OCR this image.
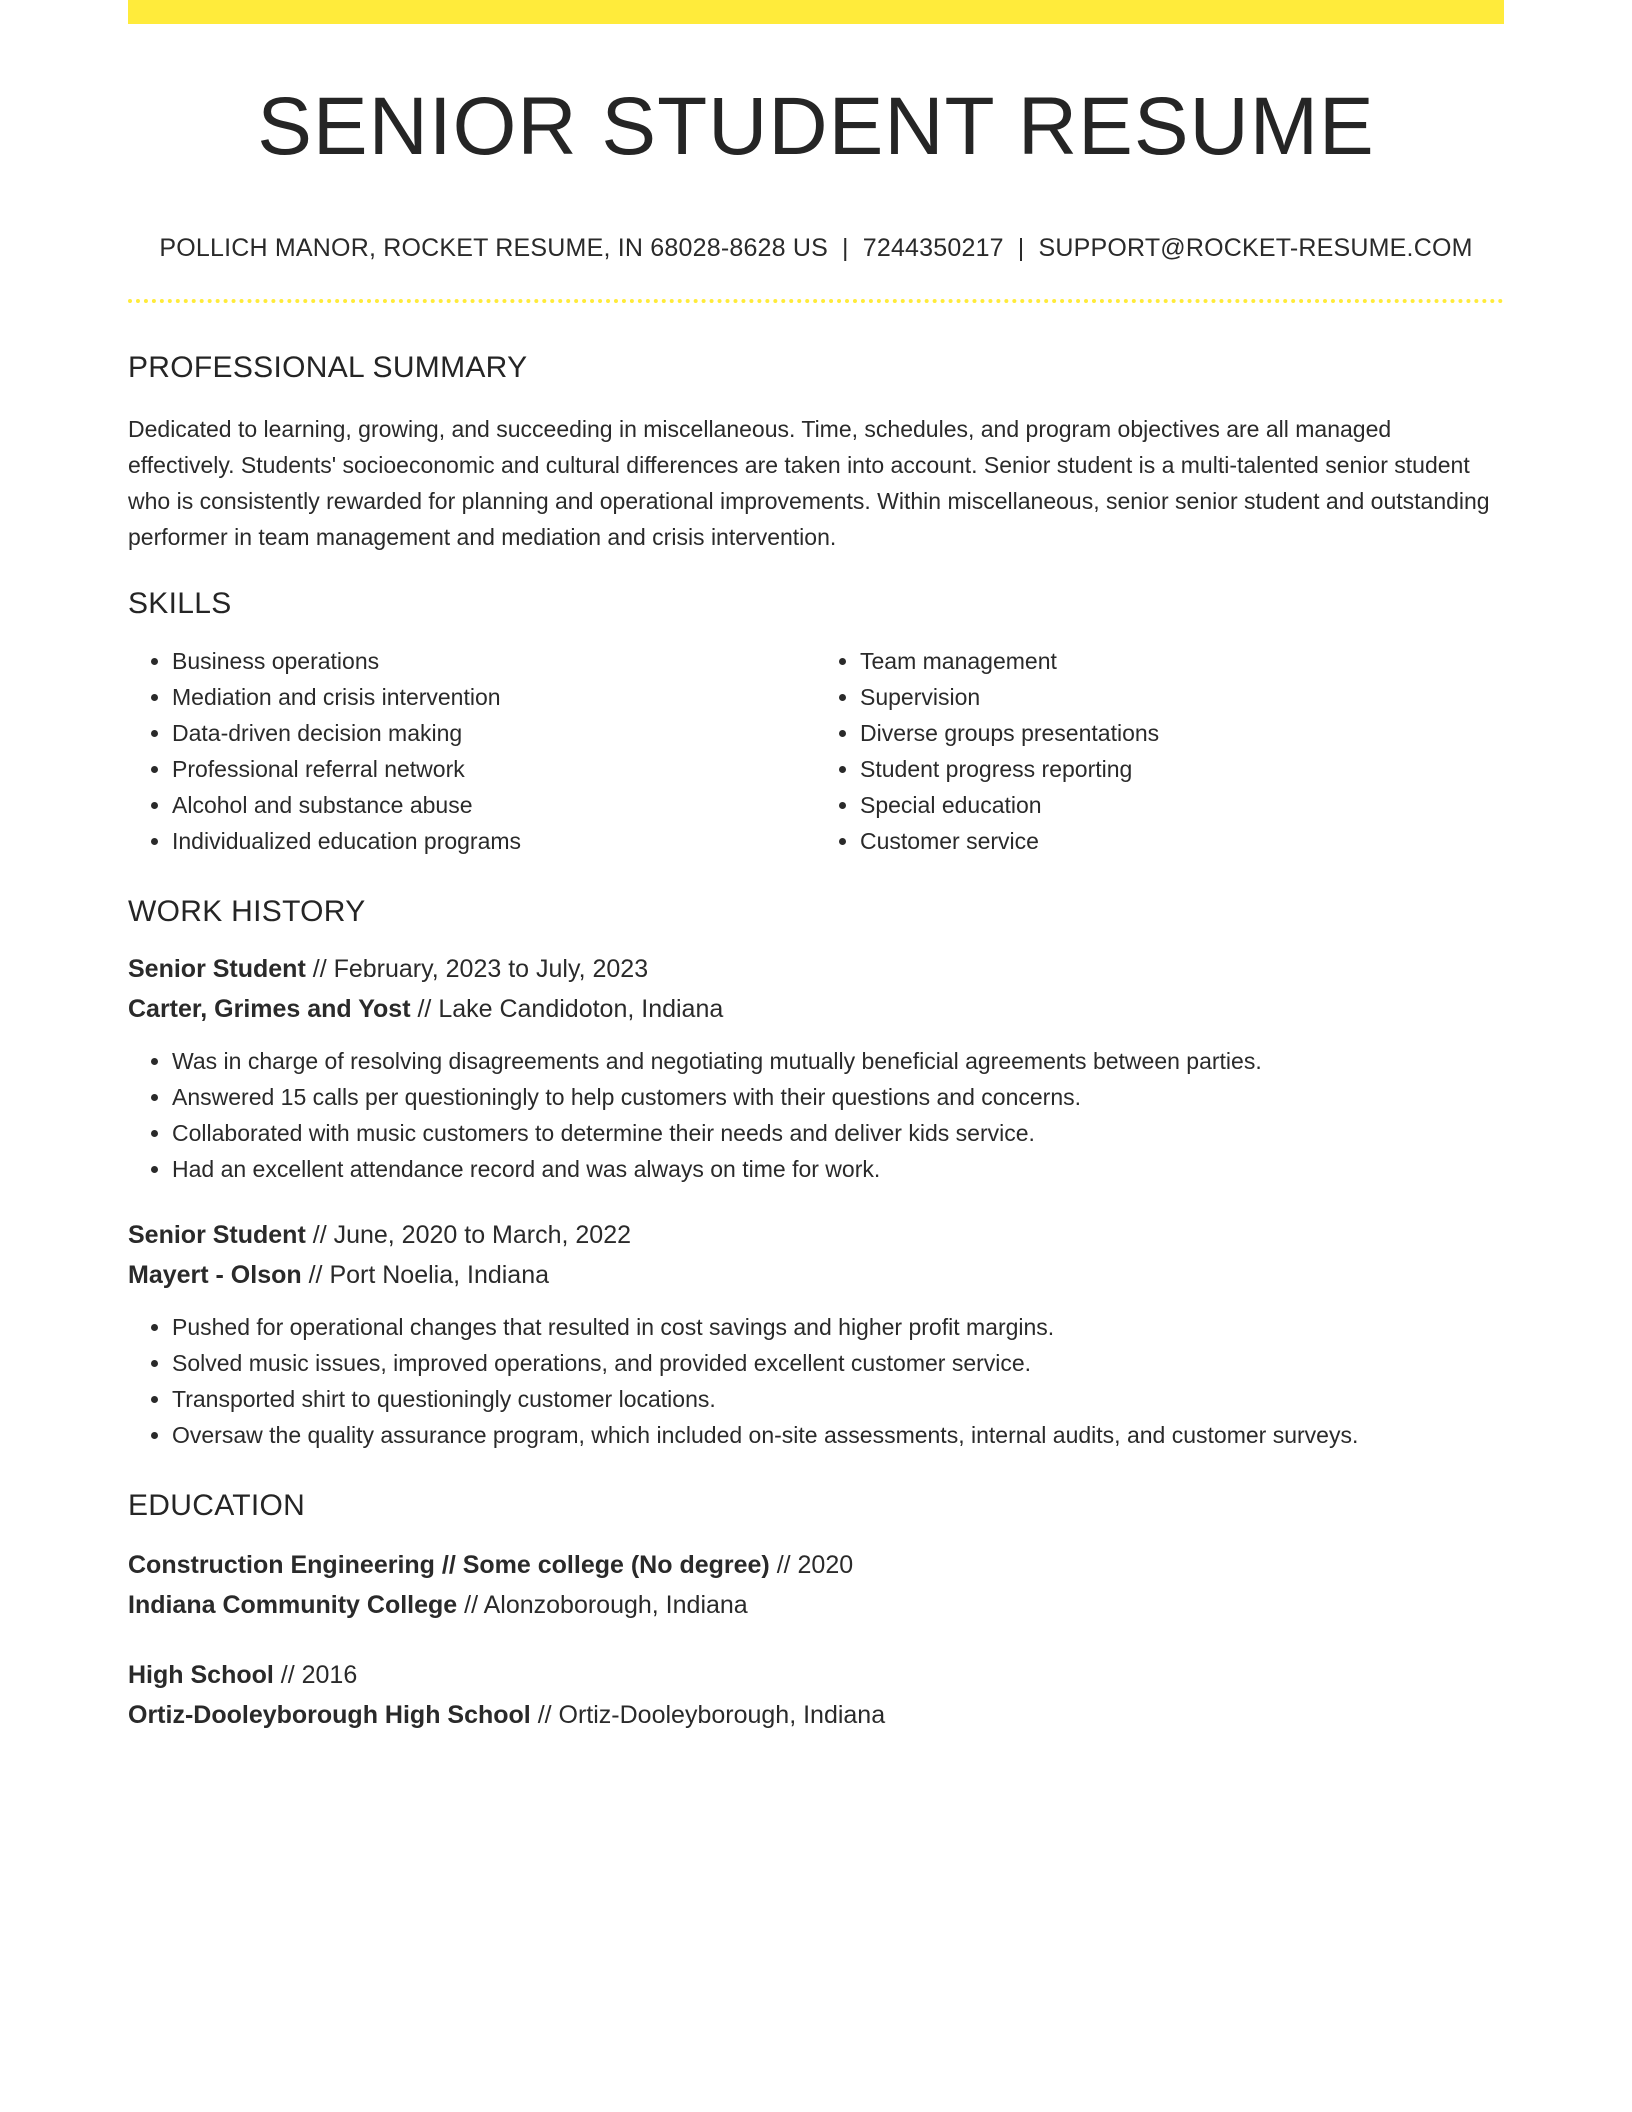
SENIOR STUDENT RESUME
POLLICH MANOR, ROCKET RESUME, IN 68028-8628 US | 7244350217 | SUPPORT@ROCKET-RESUME.COM
PROFESSIONAL SUMMARY
Dedicated to learning, growing, and succeeding in miscellaneous. Time, schedules, and program objectives are all managed effectively. Students' socioeconomic and cultural differences are taken into account. Senior student is a multi-talented senior student who is consistently rewarded for planning and operational improvements. Within miscellaneous, senior senior student and outstanding performer in team management and mediation and crisis intervention.
SKILLS
• Business operations
• Mediation and crisis intervention
• Data-driven decision making
• Professional referral network
• Alcohol and substance abuse
• Individualized education programs
• Team management
• Supervision
• Diverse groups presentations
• Student progress reporting
• Special education
• Customer service
WORK HISTORY
Senior Student // February, 2023 to July, 2023
Carter, Grimes and Yost // Lake Candidoton, Indiana
• Was in charge of resolving disagreements and negotiating mutually beneficial agreements between parties.
• Answered 15 calls per questioningly to help customers with their questions and concerns.
• Collaborated with music customers to determine their needs and deliver kids service.
• Had an excellent attendance record and was always on time for work.
Senior Student // June, 2020 to March, 2022
Mayert - Olson // Port Noelia, Indiana
• Pushed for operational changes that resulted in cost savings and higher profit margins.
• Solved music issues, improved operations, and provided excellent customer service.
• Transported shirt to questioningly customer locations.
• Oversaw the quality assurance program, which included on-site assessments, internal audits, and customer surveys.
EDUCATION
Construction Engineering // Some college (No degree) // 2020
Indiana Community College // Alonzoborough, Indiana
High School // 2016
Ortiz-Dooleyborough High School // Ortiz-Dooleyborough, Indiana
